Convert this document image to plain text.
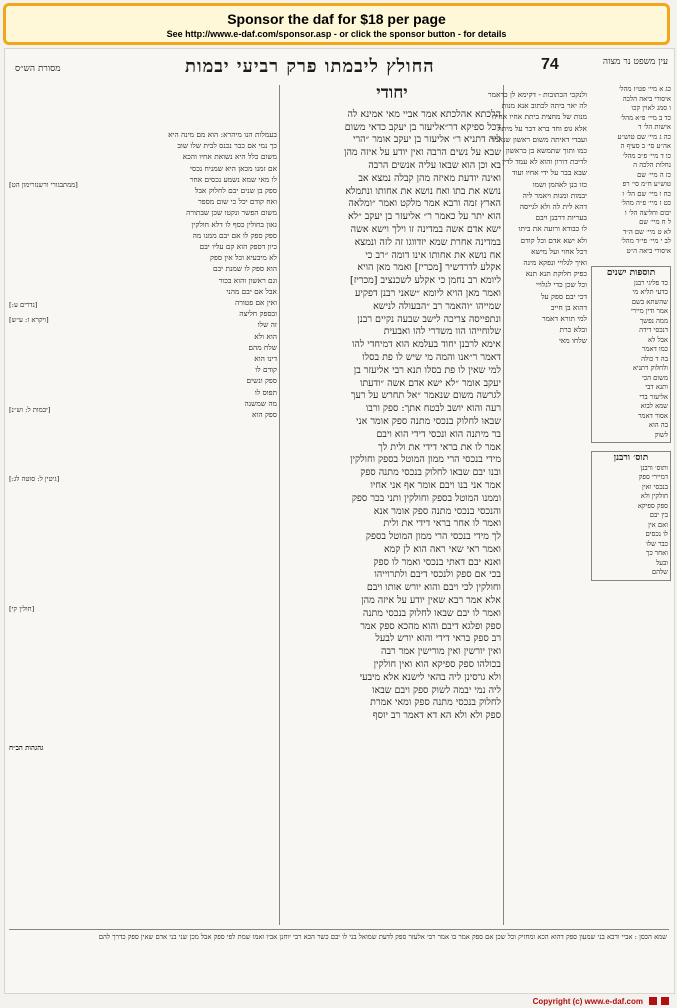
Sponsor the daf for $18 per page
See http://www.e-daf.com/sponsor.asp - or click the sponsor button - for details
מסורת הש״ס	החולץ ליבמתו פרק רביעי יבמות	74	עין משפט נר מצוה
[ממתבגורי ורשנזרימון הט]
[נדרים ע:]
[ויקרא ז: ע״ש]
[יבמות ל: וש״נ]
[גיטין ל: סוטה לג:]
[חולין קי]
גהגהות הב״ח
בעמלות הנו מיהרא: הוא מם מינה היא
כך נמי אם כבר נכנס לבית שלו שוב
משום כלל היא נשואת אחיו והכא
אם זמנו מכאן היא שמניח נכסי
לו מאי שמא נשמע נכסים אחר
ספק בן שנים יבם לחלוק אבל
ואח קודם יכל כי שום מספר
משום הפשר ונקטו שכן שבתורה
גאון בחולין כסף לו דלא חולקין
ספק ספק לו אם יבם ממנו מה
כיון דספק הוא קם עליו יבם
לא מיבעיא וכל אין ספק
הוא ספק לו שמנת יבם
וגם ראשון והוא בכור
אבל אם יבם מהני
ואין אם פטורה
ובספק חליצה
זה שלו
הוא ולא
שלח מהם
דינו הוא
קודם לו
ספק ונשים
תפוס לו
מה שמשנה
ספק הוא
יחודי
הלכתא אהלכתא אמר אביי מאי אמינא לה
דכל ספיקא דר״אליעזר בן יעקב כדאי משום
ליה דתניא ר״ אליעזר בן יעקב אומר ״הרי
שבא על נשים הרבה ואין יודע על איזה מהן
בא וכן הוא שבאו עליה אנשים הרבה
ואינה יודעת מאיזה מהן קבלה נמצא אב
נושא את בתו ואח נושא את אחותו ונתמלא
הארץ זמה ורבא אמר מלקט ואמר ״ומלאה
הוא יתר על כאמר ר״ אליעזר בן יעקב ״לא
ישא אדם אשה במדינה זו וילך וישא אשה
במדינה אחרת שמא יזדווגו זה לזה ונמצא
אח נושא את אחותו אינו דומה ״רב כי
אקלע לדרדשיר [מכריז] ואמר מאן הויא
ליומא רב נחמן כי אקלע לשכנציב [מכריז]
ואמר מאן הויא ליומא ״שאני רבנן דפקיע
שמייהו ״והאמר רב ״הבעולה לנישא
ונתפייסה צריכה לישב שבעה נקיים רבנן
שלוחייהו הוו משדרי להו ואבעית
אימא לרבנן יחוד בעלמא הוא דמיחדי להו
דאמר ר״אנו והמה מי שיש לו פת בסלו
למי שאין לו פת בסלו תנא רבי אליעזר בן
יעקב אומר ״לא ישא אדם אשה ״ודעתו
לגרשה משום שנאמר ״אל תחרש על רעך
רעה והוא יושב לבטח אתך: ספק ורבו
שבאו לחלוק בנכסי מתנה ספק אומר אני
בר מיתנה הוא ונכסי דידי הוא ויבם
אמר לו את בראי דידי את ולית לך
מידי בנכסי הרי ממון המוטל בספק וחולקין
ובנו יבם שבאו לחלוק בנכסי מתנה ספק
אמר אני בנו ויבם אומר אף אני אחיו
וממנו המוטל בספק וחולקין ותני בכר ספק
והנכסי בנכסי מתנה ספק אומר אנא
ואמר לו אחר בראי דידי את ולית
לך מידי בנכסי הרי ממון המוטל בספק
ואמר ראי שאי ראה הוא לן קמא
ואנא יבם דאתי בנכסי ואמר לו ספק
בכי אם ספק ולנכסי דיבם ולתרוייהו
וחולקין לכי ויבם והוא יורש אותו ויבם
אלא אמר רבא שאין יודע על איזה מהן
ואמר לו יבם שבאו לחלוק בנכסי מתנה
ספק ופלגא דיבם והוא מהכא ספק אמר
רב ספק בראי דידי והוא יורש לבעל
ואין יורשין ואין מורישין אמר רבה
בכולהו ספק ספיקא הוא ואין חולקין
ולא גרסינן ליה בהאי לישנא אלא מיבעי
ליה נמי יבמה לשוק ספק ויבם שבאו
לחלוק בנכסי מתנה ספק ומאי אמרת
ספק ולא ולא הא דא דאמר רב יוסף
ולנקכי הכתובות - דקימא לן כדאמר
לה יאר ביתה לכתוב אנא מנות
מנות של מחצית ביתת אחיו אחיה
אלא גופ וחד ברא דבר על מיתת
ועבדי דאיתה משום ראשון שנאמר
כמו ותוך שתמשא בן כראשון
לדיבת דורון והוא לא עמד לדין
שבא בבר על ידי אחיו ועוד
כזו בנן לאהמן ושמו
יבמות ומנות ויאמר ליה
דהא לית לה ולא לגייסה
בעריות דרבנן ויבם
לו כבודא ורועה את ביתו
ולא ישא אדם וכל קודם
דכל אחוי ועל מישא
ואיך לגלויי ונפקא מינה
כפיק חלוקת תנא תנא
וכל שכן כדי לגלויי
דכי יבם ספק על
דהוא בן חייב
למי תורא דאמר
ובלא כרת
שלחו מאי
כג א מיי׳ פט״ז מהל׳
איסורי ביאה הלכה
ו סמג לאוין קכו
כד ב מיי׳ פ״א מהל׳
אישות הל׳ ד
כה ג מיי׳ שם טוש״ע
אה״ע סי׳ ב סעיף ה
כו ד מיי׳ פ״ב מהל׳
נחלות הלכה ה
כז ה מיי׳ שם
טוש״ע ח״מ סי׳ רפ
כח ו מיי׳ שם הל׳ ו
כט ז מיי׳ פ״ה מהל׳
יבום וחליצה הל׳ ו
ל ח מיי׳ שם
לא ט מיי׳ שם ה״ד
לב י מיי׳ פי״ד מהל׳
איסורי ביאה ה״ט
תוספות ישנים
כד פליגי רבנן
כדעי תליא מי
שהשתא בשם
אמר ודין מיירי
ממה נפשך
דנכסי דידה
אבל לא
כמו דאמר
בה ד כולה
ולחלוק דתניא
משום הכי
ותנא דבי
אליעזר ברי
שמא לבוא
אסור דאמר
בה הוא
לשוק
תוס׳ ורבנן
ותוס׳ ורבנן
דמיירי ספק
בנכסי ואין
חולקין ולא
ספק ספיקא
בין יבם
ואם אין
לו נכסים
כבר שלו
ואחר כך
ובעל
שלהם
שמא הכסן : אביי ורבא בני שמעון ספק דהוא הכא ומחזיק וכל שכן אם ספק אמר בו אמר רבי אלעזר ספק לדעת שמואל בני לו יבם כשר הכא רבי יוחנן אביו ואמו שמת לפי ספק אבל מכן שני בני אדם שאין ספק כדרך להם
Copyright (c) www.e-daf.com
